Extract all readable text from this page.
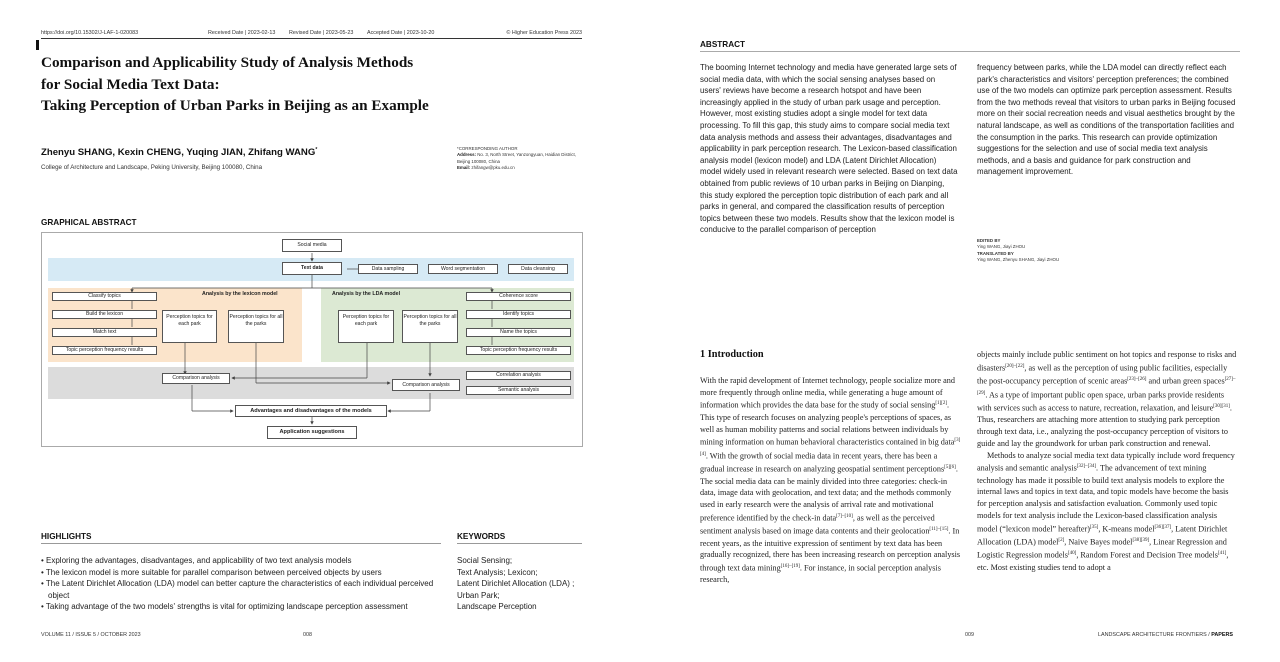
https://doi.org/10.15302/J-LAF-1-020083	Received Date | 2023-02-13	Revised Date | 2023-05-23	Accepted Date | 2023-10-20	© Higher Education Press 2023
Comparison and Applicability Study of Analysis Methods
for Social Media Text Data:
Taking Perception of Urban Parks in Beijing as an Example
Zhenyu SHANG, Kexin CHENG, Yuqing JIAN, Zhifang WANG*
College of Architecture and Landscape, Peking University, Beijing 100080, China
*CORRESPONDING AUTHOR
Address: No. 3, North Street, Yanzongyuan, Haidian District, Beijing 100080, China
Email: zhifangw@pku.edu.cn
GRAPHICAL ABSTRACT
Social media
Text data	Data sampling	Word segmentation	Data cleansing
Analysis by the lexicon model	Analysis by the LDA model
Classify topics
Build the lexicon
Match text
Topic perception frequency results
Perception topics for each park
Perception topics for all the parks
Perception topics for each park
Perception topics for all the parks
Coherence score
Identify topics
Name the topics
Topic perception frequency results
Comparison analysis
Comparison analysis
Correlation analysis
Semantic analysis
Advantages and disadvantages of the models
Application suggestions
HIGHLIGHTS
• Exploring the advantages, disadvantages, and applicability of two text analysis models
• The lexicon model is more suitable for parallel comparison between perceived objects by users
• The Latent Dirichlet Allocation (LDA) model can better capture the characteristics of each individual perceived object
• Taking advantage of the two models' strengths is vital for optimizing landscape perception assessment
KEYWORDS
Social Sensing;
Text Analysis; Lexicon;
Latent Dirichlet Allocation (LDA) ;
Urban Park;
Landscape Perception
VOLUME 11 / ISSUE 5 / OCTOBER 2023	008
ABSTRACT
The booming Internet technology and media have generated large sets of social media data, with which the social sensing analyses based on users' reviews have become a research hotspot and have been increasingly applied in the study of urban park usage and perception. However, most existing studies adopt a single model for text data processing. To fill this gap, this study aims to compare social media text data analysis methods and assess their advantages, disadvantages and applicability in park perception research. The Lexicon-based classification analysis model (lexicon model) and LDA (Latent Dirichlet Allocation) model widely used in relevant research were selected. Based on text data obtained from public reviews of 10 urban parks in Beijing on Dianping, this study explored the perception topic distribution of each park and all parks in general, and compared the classification results of perception topics between these two models. Results show that the lexicon model is conducive to the parallel comparison of perception
frequency between parks, while the LDA model can directly reflect each park's characteristics and visitors' perception preferences; the combined use of the two models can optimize park perception assessment. Results from the two methods reveal that visitors to urban parks in Beijing focused more on their social recreation needs and visual aesthetics brought by the natural landscape, as well as conditions of the transportation facilities and the consumption in the parks. This research can provide optimization suggestions for the selection and use of social media text analysis methods, and a basis and guidance for park construction and management improvement.
EDITED BY
Ying WANG, Jiayi ZHOU
TRANSLATED BY
Ying WANG, Zhenyu SHANG, Jiayi ZHOU
1 Introduction

With the rapid development of Internet technology, people socialize more and more frequently through online media, while generating a huge amount of information which provides the data base for the study of social sensing[1][2]. This type of research focuses on analyzing people's perceptions of spaces, as well as human mobility patterns and social relations between individuals by mining information on human behavioral characteristics contained in big data[3][4]. With the growth of social media data in recent years, there has been a gradual increase in research on analyzing geospatial sentiment perceptions[5][6]. The social media data can be mainly divided into three categories: check-in data, image data with geolocation, and text data; and the methods commonly used in early research were the analysis of arrival rate and motivational preference identified by the check-in data[7]–[10], as well as the perceived sentiment analysis based on image data contents and their geolocation[11]–[15]. In recent years, as the intuitive expression of sentiment by text data has been gradually recognized, there has been increasing research on perception analysis through text data mining[16]–[19]. For instance, in social perception analysis research,

objects mainly include public sentiment on hot topics and response to risks and disasters[20]–[22], as well as the perception of using public facilities, especially the post-occupancy perception of scenic areas[23]–[26] and urban green spaces[27]–[29]. As a type of important public open space, urban parks provide residents with services such as access to nature, recreation, relaxation, and leisure[30][31]. Thus, researchers are attaching more attention to studying park perception through text data, i.e., analyzing the post-occupancy perception of visitors to guide and lay the groundwork for urban park construction and renewal.

Methods to analyze social media text data typically include word frequency analysis and semantic analysis[32]–[34]. The advancement of text mining technology has made it possible to build text analysis models to explore the internal laws and topics in text data, and topic models have become the basis for perception analysis and satisfaction evaluation. Commonly used topic models for text analysis include the Lexicon-based classification analysis model (“lexicon model” hereafter)[35], K-means model[36][37], Latent Dirichlet Allocation (LDA) model[2], Naive Bayes model[38][39], Linear Regression and Logistic Regression models[40], Random Forest and Decision Tree models[41], etc. Most existing studies tend to adopt a

009	LANDSCAPE ARCHITECTURE FRONTIERS / PAPERS
